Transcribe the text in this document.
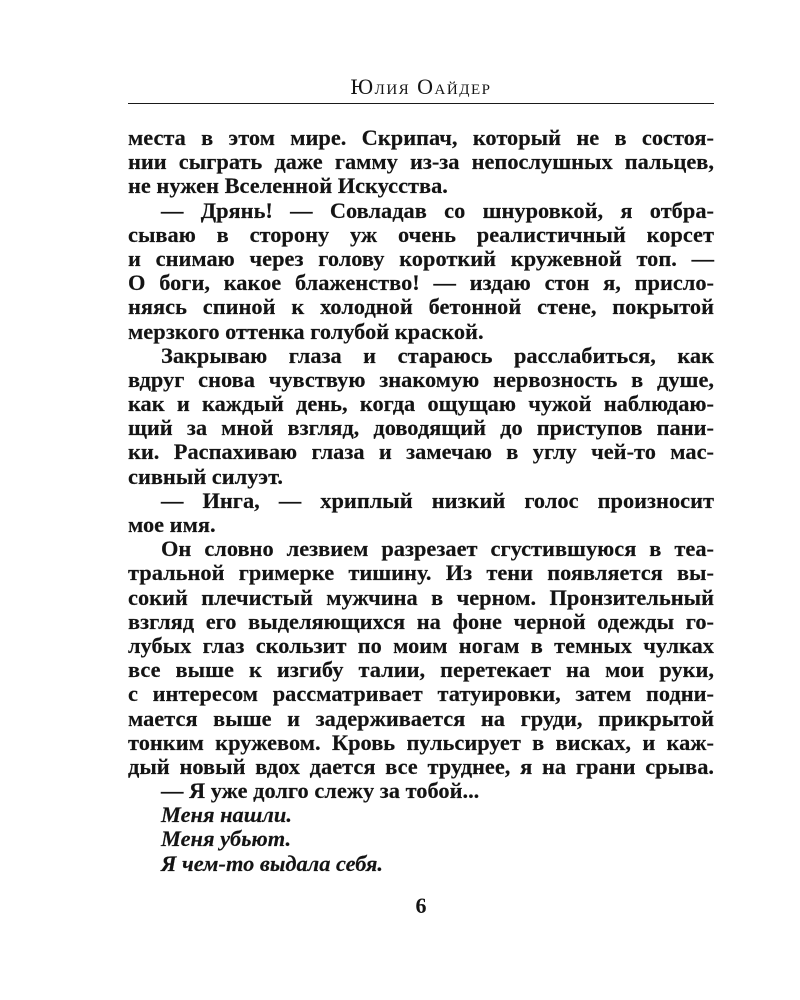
Юлия Оайдер
места в этом мире. Скрипач, который не в состоя-
нии сыграть даже гамму из-за непослушных пальцев,
не нужен Вселенной Искусства.
— Дрянь! — Совладав со шнуровкой, я отбра-
сываю в сторону уж очень реалистичный корсет
и снимаю через голову короткий кружевной топ. —
О боги, какое блаженство! — издаю стон я, присло-
няясь спиной к холодной бетонной стене, покрытой
мерзкого оттенка голубой краской.
Закрываю глаза и стараюсь расслабиться, как
вдруг снова чувствую знакомую нервозность в душе,
как и каждый день, когда ощущаю чужой наблюдаю-
щий за мной взгляд, доводящий до приступов пани-
ки. Распахиваю глаза и замечаю в углу чей-то мас-
сивный силуэт.
— Инга, — хриплый низкий голос произносит
мое имя.
Он словно лезвием разрезает сгустившуюся в теа-
тральной гримерке тишину. Из тени появляется вы-
сокий плечистый мужчина в черном. Пронзительный
взгляд его выделяющихся на фоне черной одежды го-
лубых глаз скользит по моим ногам в темных чулках
все выше к изгибу талии, перетекает на мои руки,
с интересом рассматривает татуировки, затем подни-
мается выше и задерживается на груди, прикрытой
тонким кружевом. Кровь пульсирует в висках, и каж-
дый новый вдох дается все труднее, я на грани срыва.
— Я уже долго слежу за тобой...
Меня нашли.
Меня убьют.
Я чем-то выдала себя.
6
